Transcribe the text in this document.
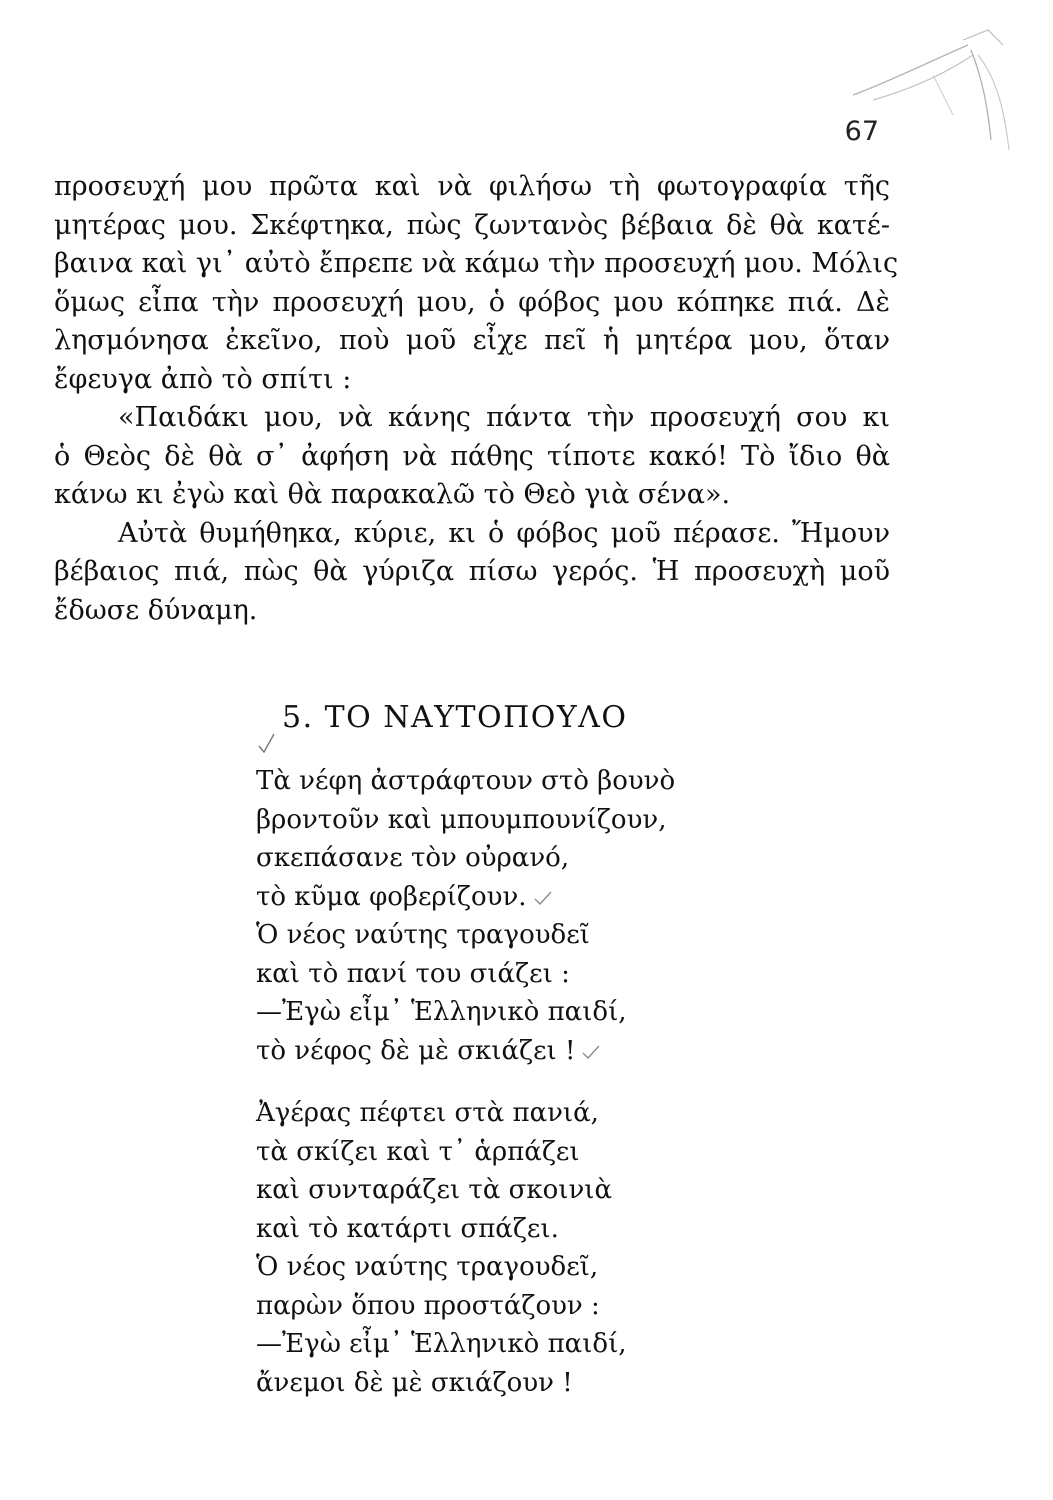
67
προσευχή μου πρῶτα καὶ νὰ φιλήσω τὴ φωτογραφία τῆς
μητέρας μου. Σκέφτηκα, πὼς ζωντανὸς βέβαια δὲ θὰ κατέ-
βαινα καὶ γι᾽ αὐτὸ ἔπρεπε νὰ κάμω τὴν προσευχή μου. Μόλις
ὅμως εἶπα τὴν προσευχή μου, ὁ φόβος μου κόπηκε πιά. Δὲ
λησμόνησα ἐκεῖνο, ποὺ μοῦ εἶχε πεῖ ἡ μητέρα μου, ὅταν
ἔφευγα ἀπὸ τὸ σπίτι :
«Παιδάκι μου, νὰ κάνης πάντα τὴν προσευχή σου κι
ὁ Θεὸς δὲ θὰ σ᾽ ἀφήση νὰ πάθης τίποτε κακό! Τὸ ἴδιο θὰ
κάνω κι ἐγὼ καὶ θὰ παρακαλῶ τὸ Θεὸ γιὰ σένα».
Αὐτὰ θυμήθηκα, κύριε, κι ὁ φόβος μοῦ πέρασε. Ἤμουν
βέβαιος πιά, πὼς θὰ γύριζα πίσω γερός. Ἡ προσευχὴ μοῦ
ἔδωσε δύναμη.
5. ΤΟ ΝΑΥΤΟΠΟΥΛΟ
Τὰ νέφη ἀστράφτουν στὸ βουνὸ
βροντοῦν καὶ μπουμπουνίζουν,
σκεπάσανε τὸν οὐρανό,
τὸ κῦμα φοβερίζουν.
Ὁ νέος ναύτης τραγουδεῖ
καὶ τὸ πανί του σιάζει :
—Ἐγὼ εἶμ᾽ Ἑλληνικὸ παιδί,
τὸ νέφος δὲ μὲ σκιάζει !
Ἀγέρας πέφτει στὰ πανιά,
τὰ σκίζει καὶ τ᾽ ἁρπάζει
καὶ συνταράζει τὰ σκοινιὰ
καὶ τὸ κατάρτι σπάζει.
Ὁ νέος ναύτης τραγουδεῖ,
παρὼν ὅπου προστάζουν :
—Ἐγὼ εἶμ᾽ Ἑλληνικὸ παιδί,
ἄνεμοι δὲ μὲ σκιάζουν !
